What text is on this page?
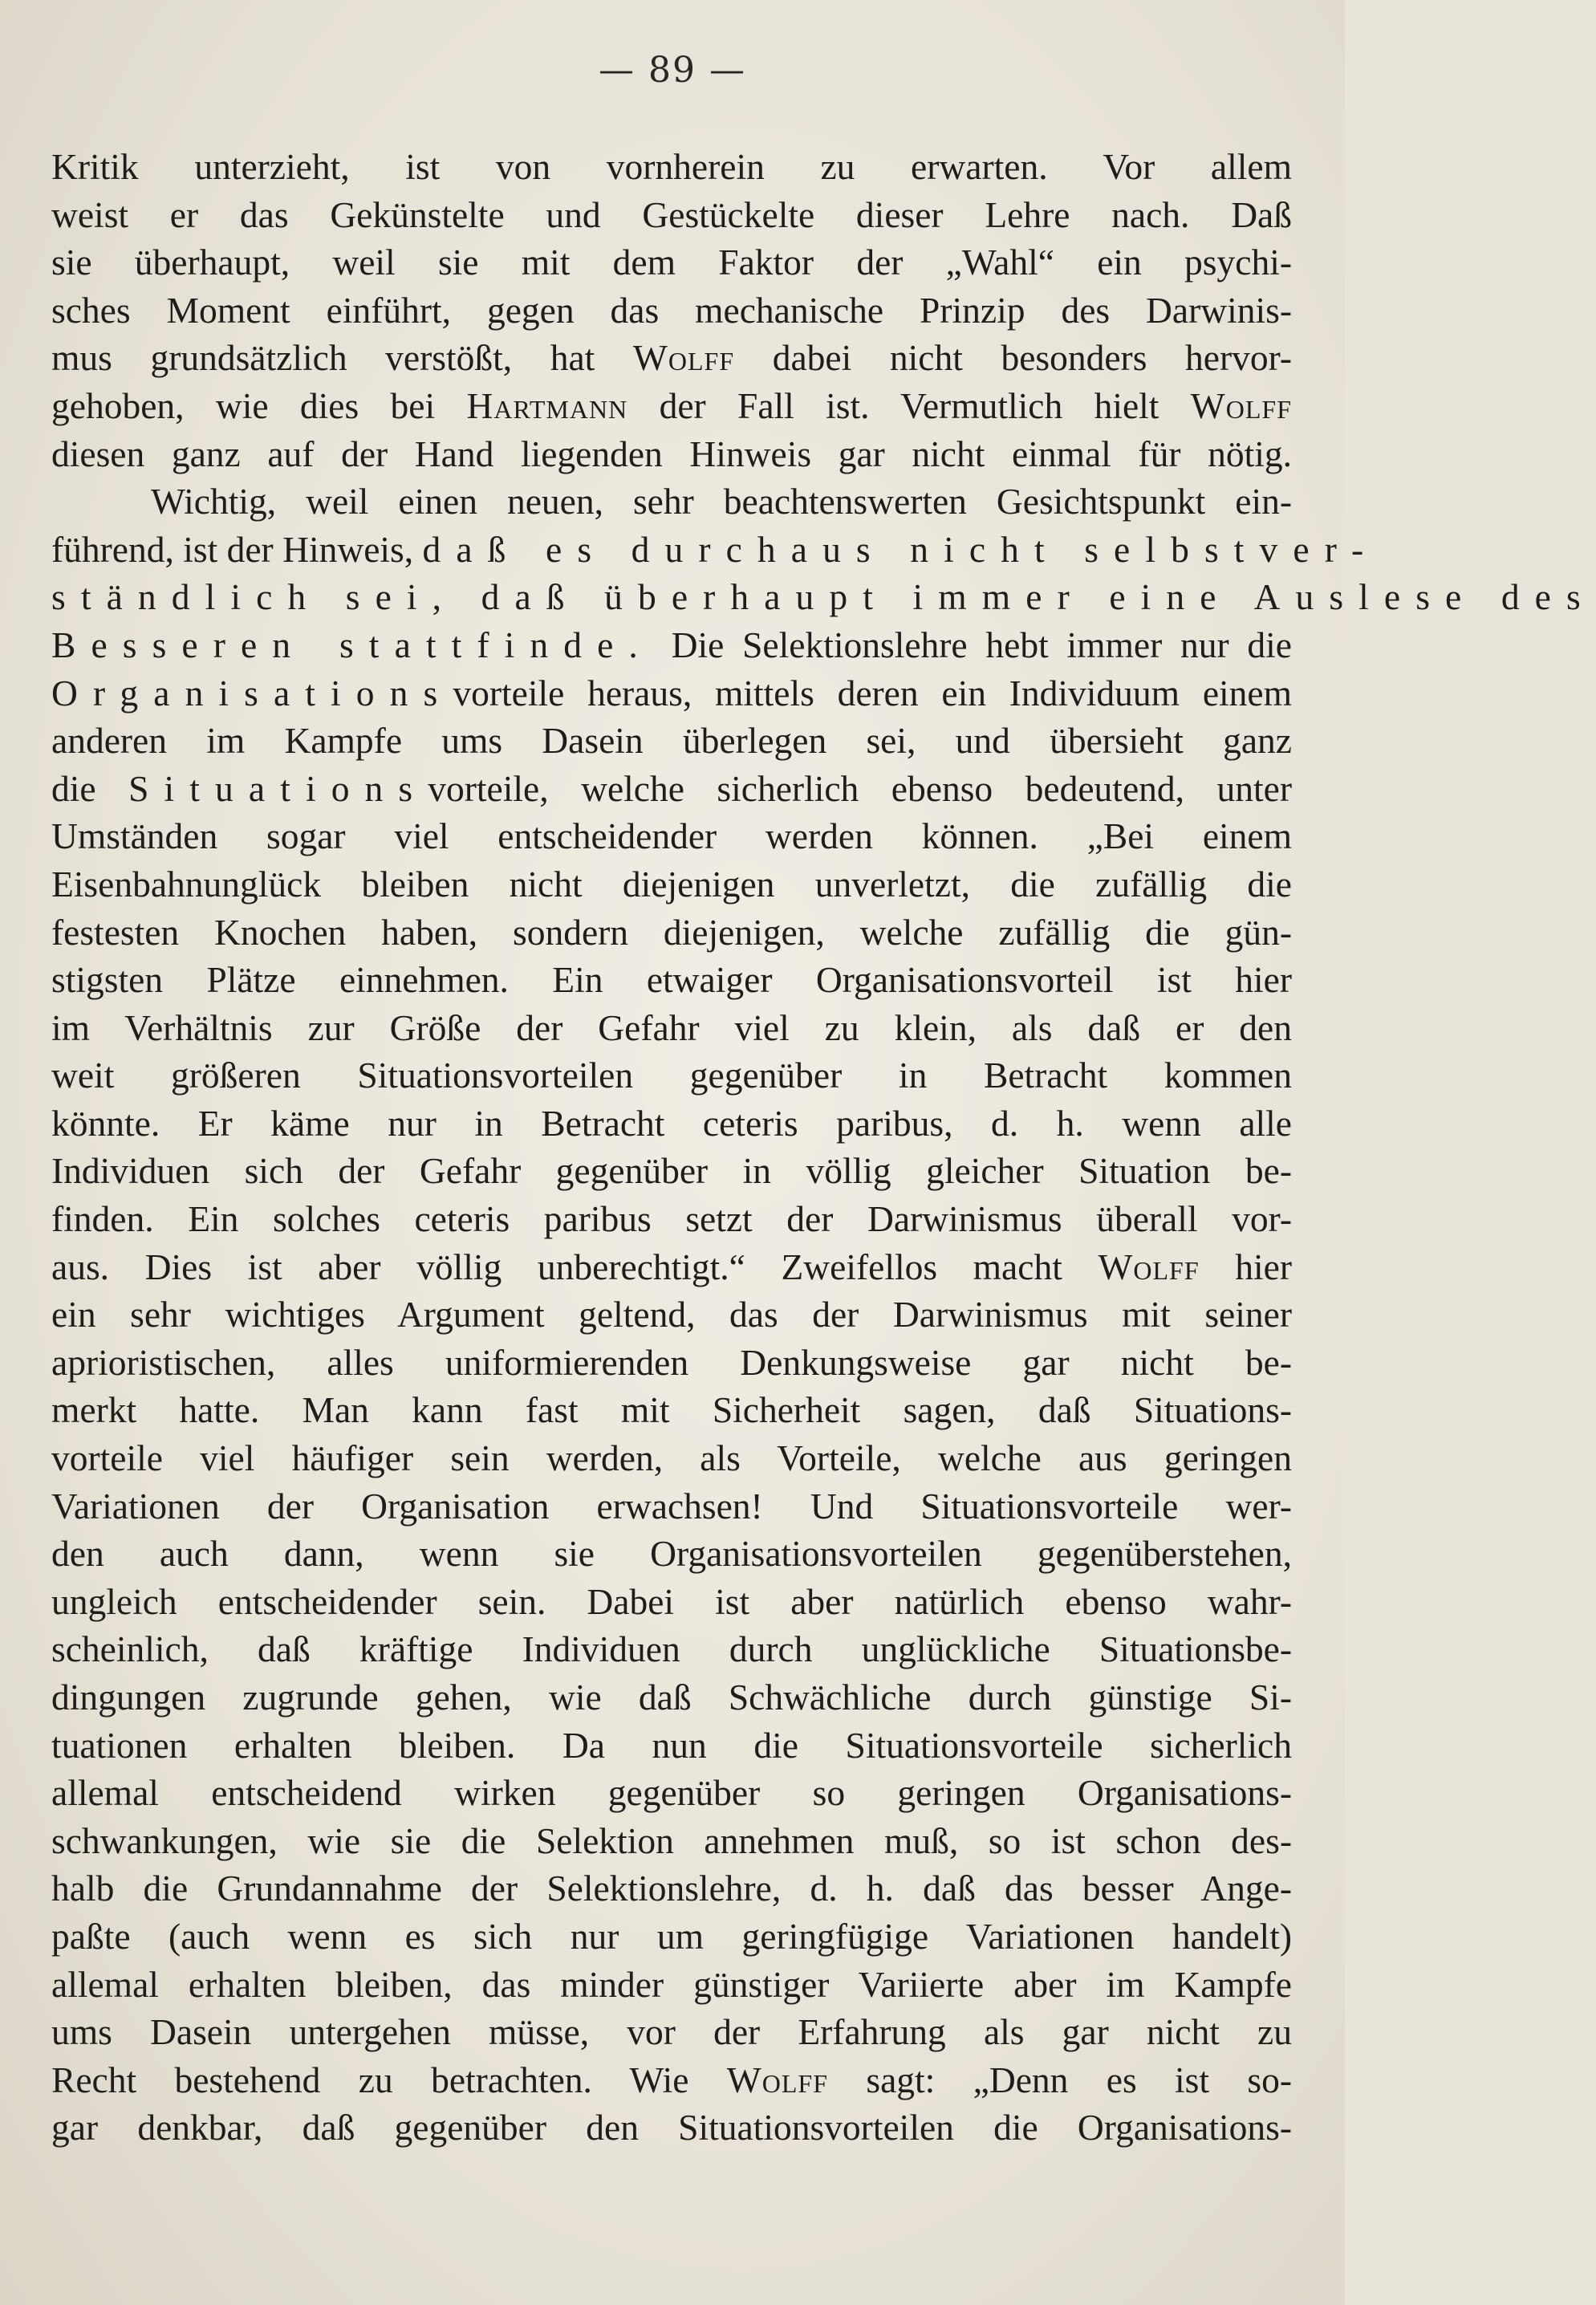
— 89 —
Kritik unterzieht, ist von vornherein zu erwarten. Vor allem
weist er das Gekünstelte und Gestückelte dieser Lehre nach. Daß
sie überhaupt, weil sie mit dem Faktor der „Wahl“ ein psychi-
sches Moment einführt, gegen das mechanische Prinzip des Darwinis-
mus grundsätzlich verstößt, hat Wolff dabei nicht besonders hervor-
gehoben, wie dies bei Hartmann der Fall ist. Vermutlich hielt Wolff
diesen ganz auf der Hand liegenden Hinweis gar nicht einmal für nötig.
Wichtig, weil einen neuen, sehr beachtenswerten Gesichtspunkt ein-
führend, ist der Hinweis, daß es durchaus nicht selbstver-
ständlich sei, daß überhaupt immer eine Auslese des
Besseren stattfinde. Die Selektionslehre hebt immer nur die
Organisationsvorteile heraus, mittels deren ein Individuum einem
anderen im Kampfe ums Dasein überlegen sei, und übersieht ganz
die Situationsvorteile, welche sicherlich ebenso bedeutend, unter
Umständen sogar viel entscheidender werden können. „Bei einem
Eisenbahnunglück bleiben nicht diejenigen unverletzt, die zufällig die
festesten Knochen haben, sondern diejenigen, welche zufällig die gün-
stigsten Plätze einnehmen. Ein etwaiger Organisationsvorteil ist hier
im Verhältnis zur Größe der Gefahr viel zu klein, als daß er den
weit größeren Situationsvorteilen gegenüber in Betracht kommen
könnte. Er käme nur in Betracht ceteris paribus, d. h. wenn alle
Individuen sich der Gefahr gegenüber in völlig gleicher Situation be-
finden. Ein solches ceteris paribus setzt der Darwinismus überall vor-
aus. Dies ist aber völlig unberechtigt.“ Zweifellos macht Wolff hier
ein sehr wichtiges Argument geltend, das der Darwinismus mit seiner
aprioristischen, alles uniformierenden Denkungsweise gar nicht be-
merkt hatte. Man kann fast mit Sicherheit sagen, daß Situations-
vorteile viel häufiger sein werden, als Vorteile, welche aus geringen
Variationen der Organisation erwachsen! Und Situationsvorteile wer-
den auch dann, wenn sie Organisationsvorteilen gegenüberstehen,
ungleich entscheidender sein. Dabei ist aber natürlich ebenso wahr-
scheinlich, daß kräftige Individuen durch unglückliche Situationsbe-
dingungen zugrunde gehen, wie daß Schwächliche durch günstige Si-
tuationen erhalten bleiben. Da nun die Situationsvorteile sicherlich
allemal entscheidend wirken gegenüber so geringen Organisations-
schwankungen, wie sie die Selektion annehmen muß, so ist schon des-
halb die Grundannahme der Selektionslehre, d. h. daß das besser Ange-
paßte (auch wenn es sich nur um geringfügige Variationen handelt)
allemal erhalten bleiben, das minder günstiger Variierte aber im Kampfe
ums Dasein untergehen müsse, vor der Erfahrung als gar nicht zu
Recht bestehend zu betrachten. Wie Wolff sagt: „Denn es ist so-
gar denkbar, daß gegenüber den Situationsvorteilen die Organisations-
